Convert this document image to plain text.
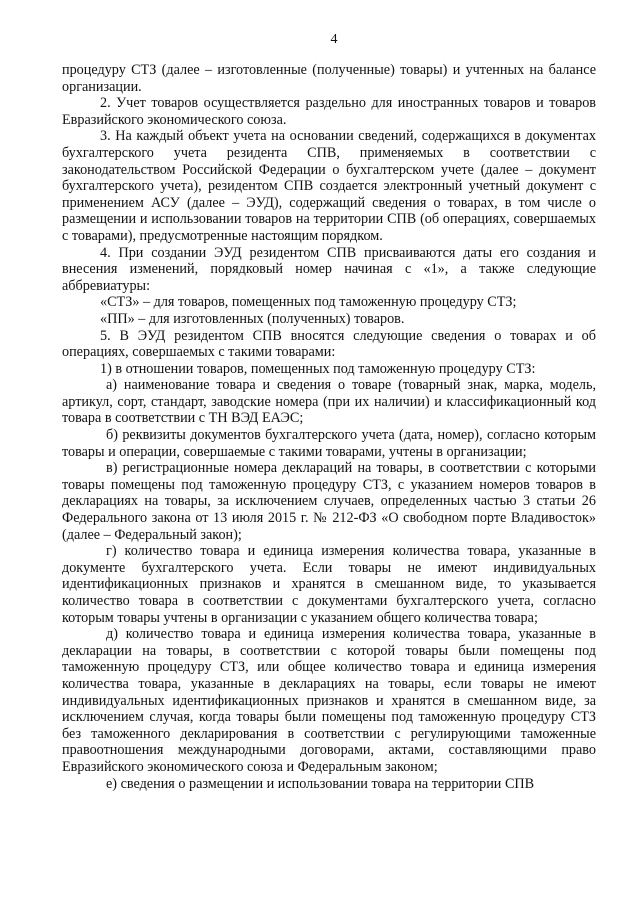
4

процедуру СТЗ (далее – изготовленные (полученные) товары) и учтенных на балансе организации.

2. Учет товаров осуществляется раздельно для иностранных товаров и товаров Евразийского экономического союза.

3. На каждый объект учета на основании сведений, содержащихся в документах бухгалтерского учета резидента СПВ, применяемых в соответствии с законодательством Российской Федерации о бухгалтерском учете (далее – документ бухгалтерского учета), резидентом СПВ создается электронный учетный документ с применением АСУ (далее – ЭУД), содержащий сведения о товарах, в том числе о размещении и использовании товаров на территории СПВ (об операциях, совершаемых с товарами), предусмотренные настоящим порядком.

4. При создании ЭУД резидентом СПВ присваиваются даты его создания и внесения изменений, порядковый номер начиная с «1», а также следующие аббревиатуры:

«СТЗ» – для товаров, помещенных под таможенную процедуру СТЗ;

«ПП» – для изготовленных (полученных) товаров.

5. В ЭУД резидентом СПВ вносятся следующие сведения о товарах и об операциях, совершаемых с такими товарами:

1) в отношении товаров, помещенных под таможенную процедуру СТЗ:

а) наименование товара и сведения о товаре (товарный знак, марка, модель, артикул, сорт, стандарт, заводские номера (при их наличии) и классификационный код товара в соответствии с ТН ВЭД ЕАЭС;

б) реквизиты документов бухгалтерского учета (дата, номер), согласно которым товары и операции, совершаемые с такими товарами, учтены в организации;

в) регистрационные номера деклараций на товары, в соответствии с которыми товары помещены под таможенную процедуру СТЗ, с указанием номеров товаров в декларациях на товары, за исключением случаев, определенных частью 3 статьи 26 Федерального закона от 13 июля 2015 г. № 212-ФЗ «О свободном порте Владивосток» (далее – Федеральный закон);

г) количество товара и единица измерения количества товара, указанные в документе бухгалтерского учета. Если товары не имеют индивидуальных идентификационных признаков и хранятся в смешанном виде, то указывается количество товара в соответствии с документами бухгалтерского учета, согласно которым товары учтены в организации с указанием общего количества товара;

д) количество товара и единица измерения количества товара, указанные в декларации на товары, в соответствии с которой товары были помещены под таможенную процедуру СТЗ, или общее количество товара и единица измерения количества товара, указанные в декларациях на товары, если товары не имеют индивидуальных идентификационных признаков и хранятся в смешанном виде, за исключением случая, когда товары были помещены под таможенную процедуру СТЗ без таможенного декларирования в соответствии с регулирующими таможенные правоотношения международными договорами, актами, составляющими право Евразийского экономического союза и Федеральным законом;

е) сведения о размещении и использовании товара на территории СПВ
